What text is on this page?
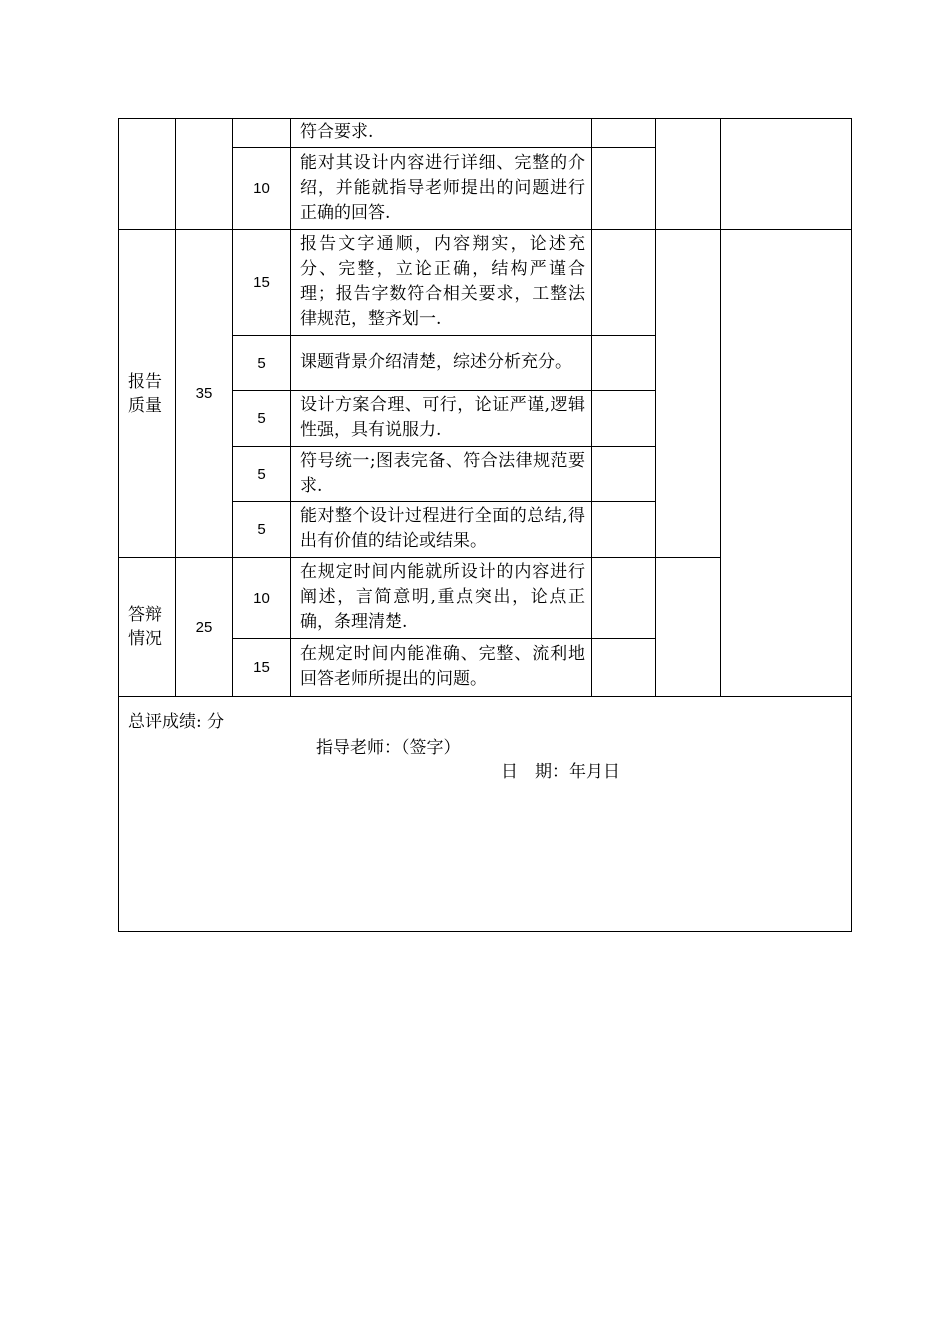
			符合要求.			

		10	能对其设计内容进行详细、完整的介绍，并能就指导老师提出的问题进行正确的回答.			

报告
质量	35	15	报告文字通顺，内容翔实，论述充分、完整，立论正确，结构严谨合理；报告字数符合相关要求，工整法律规范，整齐划一.			

		5	课题背景介绍清楚，综述分析充分。			

		5	设计方案合理、可行，论证严谨,逻辑性强，具有说服力.			

		5	符号统一;图表完备、符合法律规范要求.			

		5	能对整个设计过程进行全面的总结,得出有价值的结论或结果。			

答辩
情况	25	10	在规定时间内能就所设计的内容进行阐述，言简意明,重点突出，论点正确，条理清楚.			

		15	在规定时间内能准确、完整、流利地回答老师所提出的问题。			

总评成绩: 分
指导老师：（签字）
日　期：年月日						
